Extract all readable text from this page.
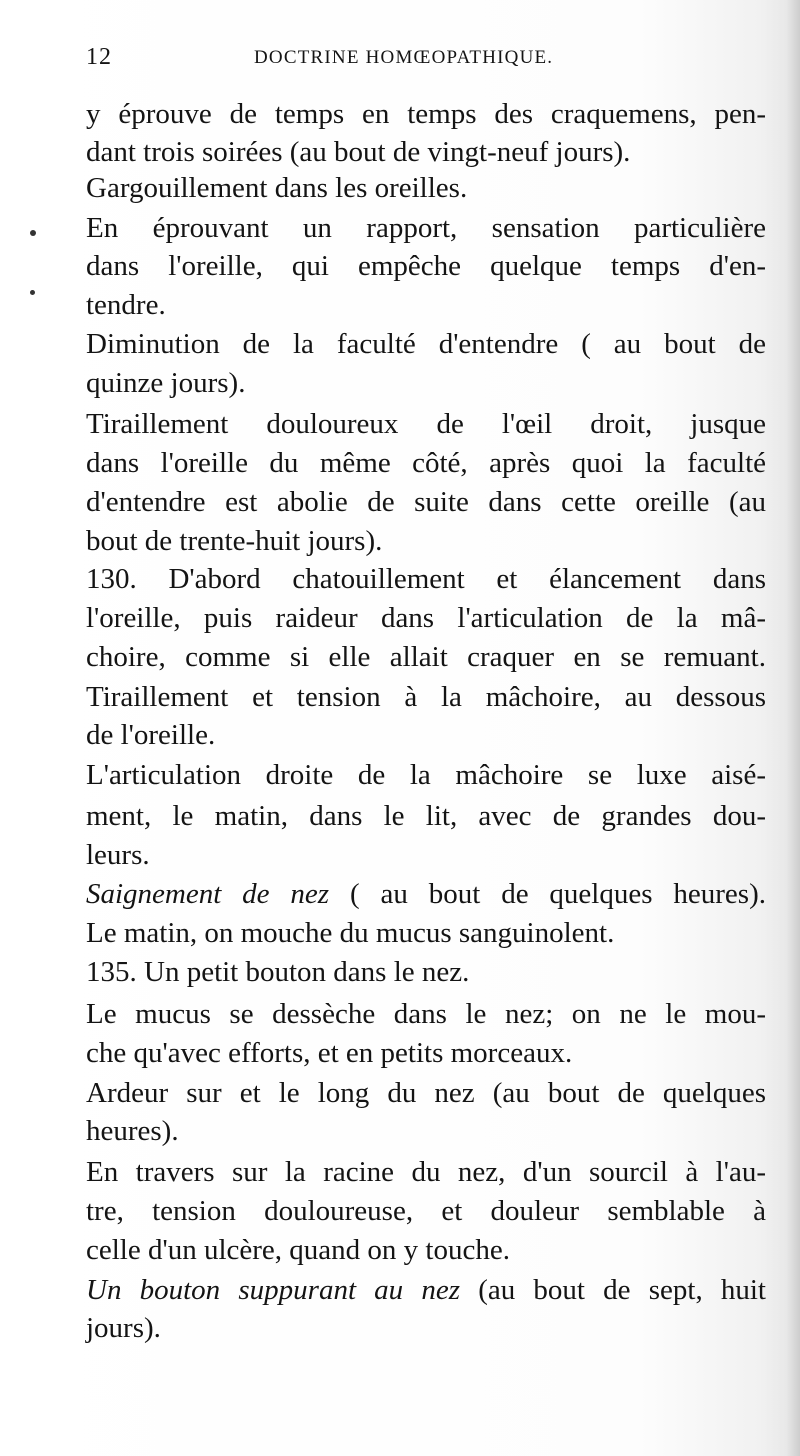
12	DOCTRINE HOMŒOPATHIQUE.
y éprouve de temps en temps des craquemens, pen-
dant trois soirées (au bout de vingt-neuf jours).
Gargouillement dans les oreilles.
En éprouvant un rapport, sensation particulière
dans l'oreille, qui empêche quelque temps d'en-
tendre.
Diminution de la faculté d'entendre ( au bout de
quinze jours).
Tiraillement douloureux de l'œil droit, jusque
dans l'oreille du même côté, après quoi la faculté
d'entendre est abolie de suite dans cette oreille (au
bout de trente-huit jours).
130. D'abord chatouillement et élancement dans
l'oreille, puis raideur dans l'articulation de la mâ-
choire, comme si elle allait craquer en se remuant.
Tiraillement et tension à la mâchoire, au dessous
de l'oreille.
L'articulation droite de la mâchoire se luxe aisé-
ment, le matin, dans le lit, avec de grandes dou-
leurs.
Saignement de nez ( au bout de quelques heures).
Le matin, on mouche du mucus sanguinolent.
135. Un petit bouton dans le nez.
Le mucus se dessèche dans le nez; on ne le mou-
che qu'avec efforts, et en petits morceaux.
Ardeur sur et le long du nez (au bout de quelques
heures).
En travers sur la racine du nez, d'un sourcil à l'au-
tre, tension douloureuse, et douleur semblable à
celle d'un ulcère, quand on y touche.
Un bouton suppurant au nez (au bout de sept, huit
jours).
